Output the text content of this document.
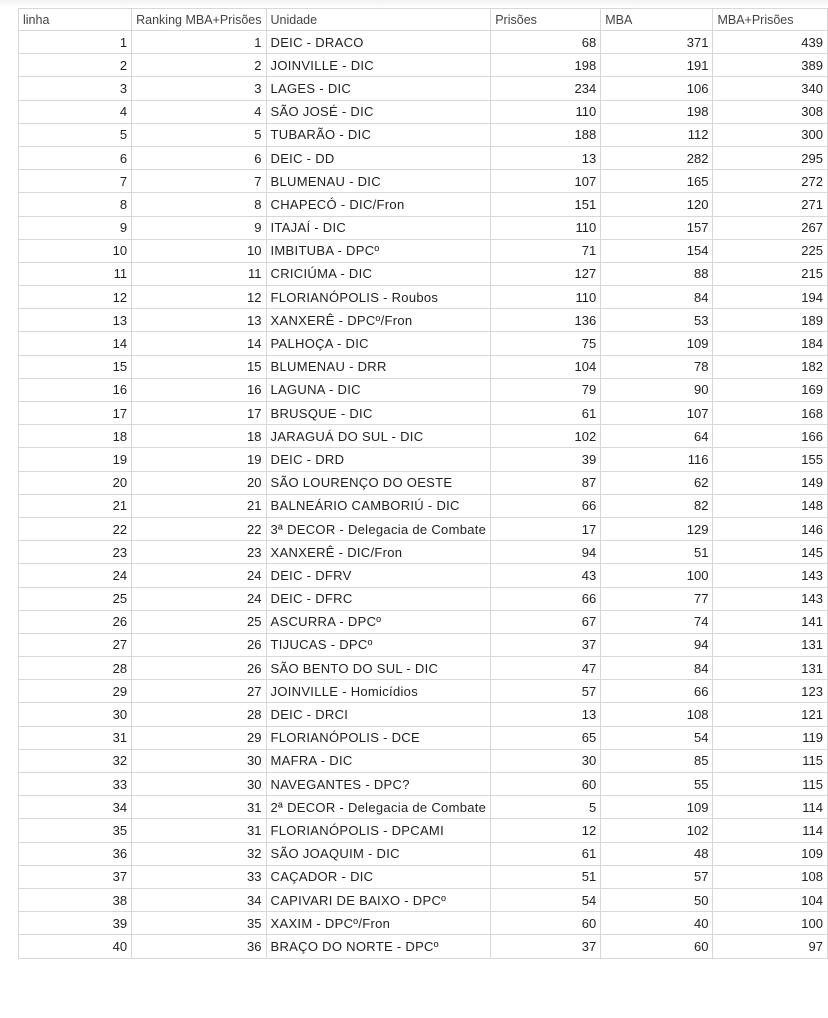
linha	Ranking MBA+Prisões	Unidade	Prisões	MBA	MBA+Prisões
1	1	DEIC - DRACO	68	371	439
2	2	JOINVILLE - DIC	198	191	389
3	3	LAGES - DIC	234	106	340
4	4	SÃO JOSÉ - DIC	110	198	308
5	5	TUBARÃO - DIC	188	112	300
6	6	DEIC - DD	13	282	295
7	7	BLUMENAU - DIC	107	165	272
8	8	CHAPECÓ - DIC/Fron	151	120	271
9	9	ITAJAÍ - DIC	110	157	267
10	10	IMBITUBA - DPCº	71	154	225
11	11	CRICIÚMA - DIC	127	88	215
12	12	FLORIANÓPOLIS - Roubos	110	84	194
13	13	XANXERÊ - DPCº/Fron	136	53	189
14	14	PALHOÇA - DIC	75	109	184
15	15	BLUMENAU - DRR	104	78	182
16	16	LAGUNA - DIC	79	90	169
17	17	BRUSQUE - DIC	61	107	168
18	18	JARAGUÁ DO SUL - DIC	102	64	166
19	19	DEIC - DRD	39	116	155
20	20	SÃO LOURENÇO DO OESTE	87	62	149
21	21	BALNEÁRIO CAMBORIÚ - DIC	66	82	148
22	22	3ª DECOR - Delegacia de Combate	17	129	146
23	23	XANXERÊ - DIC/Fron	94	51	145
24	24	DEIC - DFRV	43	100	143
25	24	DEIC - DFRC	66	77	143
26	25	ASCURRA - DPCº	67	74	141
27	26	TIJUCAS - DPCº	37	94	131
28	26	SÃO BENTO DO SUL - DIC	47	84	131
29	27	JOINVILLE - Homicídios	57	66	123
30	28	DEIC - DRCI	13	108	121
31	29	FLORIANÓPOLIS - DCE	65	54	119
32	30	MAFRA - DIC	30	85	115
33	30	NAVEGANTES - DPC?	60	55	115
34	31	2ª DECOR - Delegacia de Combate	5	109	114
35	31	FLORIANÓPOLIS - DPCAMI	12	102	114
36	32	SÃO JOAQUIM - DIC	61	48	109
37	33	CAÇADOR - DIC	51	57	108
38	34	CAPIVARI DE BAIXO - DPCº	54	50	104
39	35	XAXIM - DPCº/Fron	60	40	100
40	36	BRAÇO DO NORTE - DPCº	37	60	97
